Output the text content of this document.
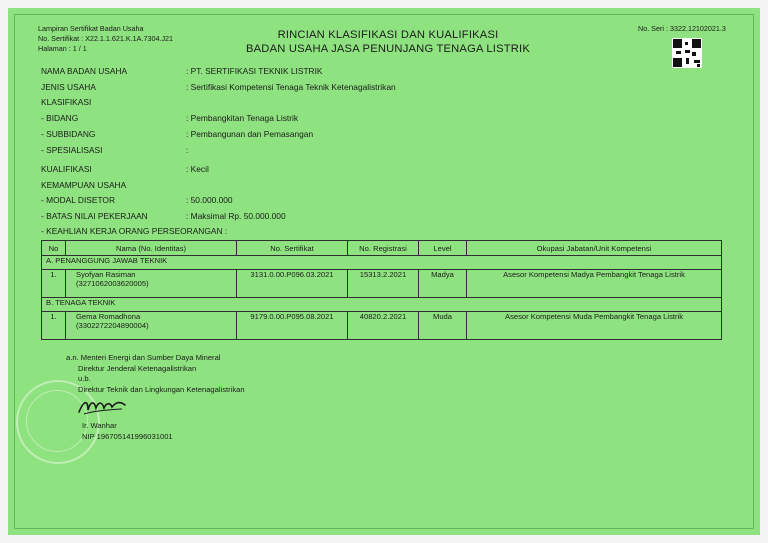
Lampiran Sertifikat Badan Usaha
No. Sertifikat : X22.1.1.621.K.1A.7304.J21
Halaman : 1 / 1
RINCIAN KLASIFIKASI DAN KUALIFIKASI
BADAN USAHA JASA PENUNJANG TENAGA LISTRIK
No. Seri : 3322.12102021.3
NAMA BADAN USAHA	: PT. SERTIFIKASI TEKNIK LISTRIK
JENIS USAHA	: Sertifikasi Kompetensi Tenaga Teknik Ketenagalistrikan
KLASIFIKASI
- BIDANG	: Pembangkitan Tenaga Listrik
- SUBBIDANG	: Pembangunan dan Pemasangan
- SPESIALISASI	:
KUALIFIKASI	: Kecil
KEMAMPUAN USAHA
- MODAL DISETOR	: 50.000.000
- BATAS NILAI PEKERJAAN	: Maksimal Rp. 50.000.000
- KEAHLIAN KERJA ORANG PERSEORANGAN :
No	Nama (No. Identitas)	No. Sertifikat	No. Registrasi	Level	Okupasi Jabatan/Unit Kompetensi
A. PENANGGUNG JAWAB TEKNIK					
1.	Syofyan Rasiman
(3271062003620005)	3131.0.00.P096.03.2021	15313.2.2021	Madya	Asesor Kompetensi Madya Pembangkit Tenaga Listrik
B. TENAGA TEKNIK					
1.	Gema Romadhona
(3302272204890004)	9179.0.00.P095.08.2021	40820.2.2021	Muda	Asesor Kompetensi Muda Pembangkit Tenaga Listrik
a.n. Menteri Energi dan Sumber Daya Mineral
Direktur Jenderal Ketenagalistrikan
u.b.
Direktur Teknik dan Lingkungan Ketenagalistrikan
Ir. Wanhar
NIP 196705141996031001
